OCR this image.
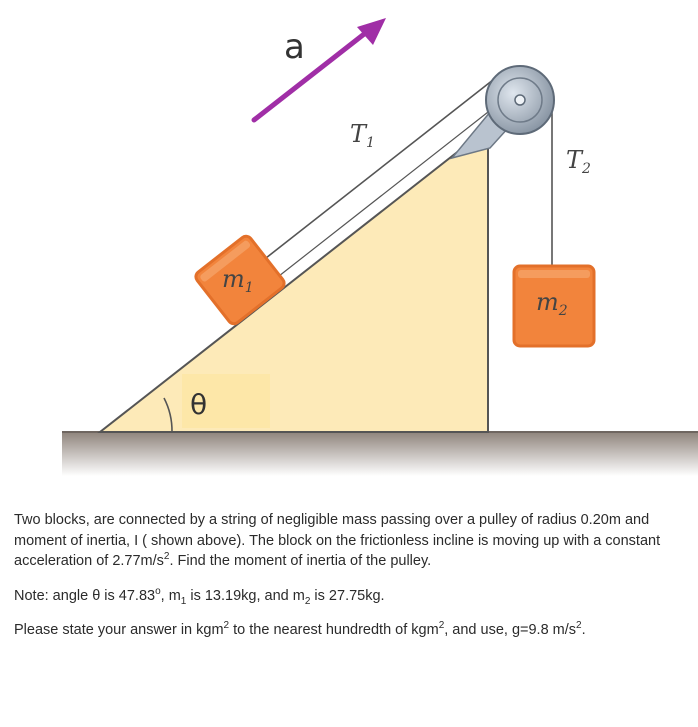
$m_1$	$m_2$
a
$T_1$
$T_2$
θ

Two blocks, are connected by a string of negligible mass passing over a pulley of radius 0.20m and moment of inertia, I ( shown above). The block on the frictionless incline is moving up with a constant acceleration of $2.77m/s^2$. Find the moment of inertia of the pulley.

Note: angle θ is 47.83$^o$, $m_1$ is 13.19kg, and $m_2$ is 27.75kg.

Please state your answer in kgm$^2$ to the nearest hundredth of kgm$^2$, and use, g=9.8 $m/s^2$.
